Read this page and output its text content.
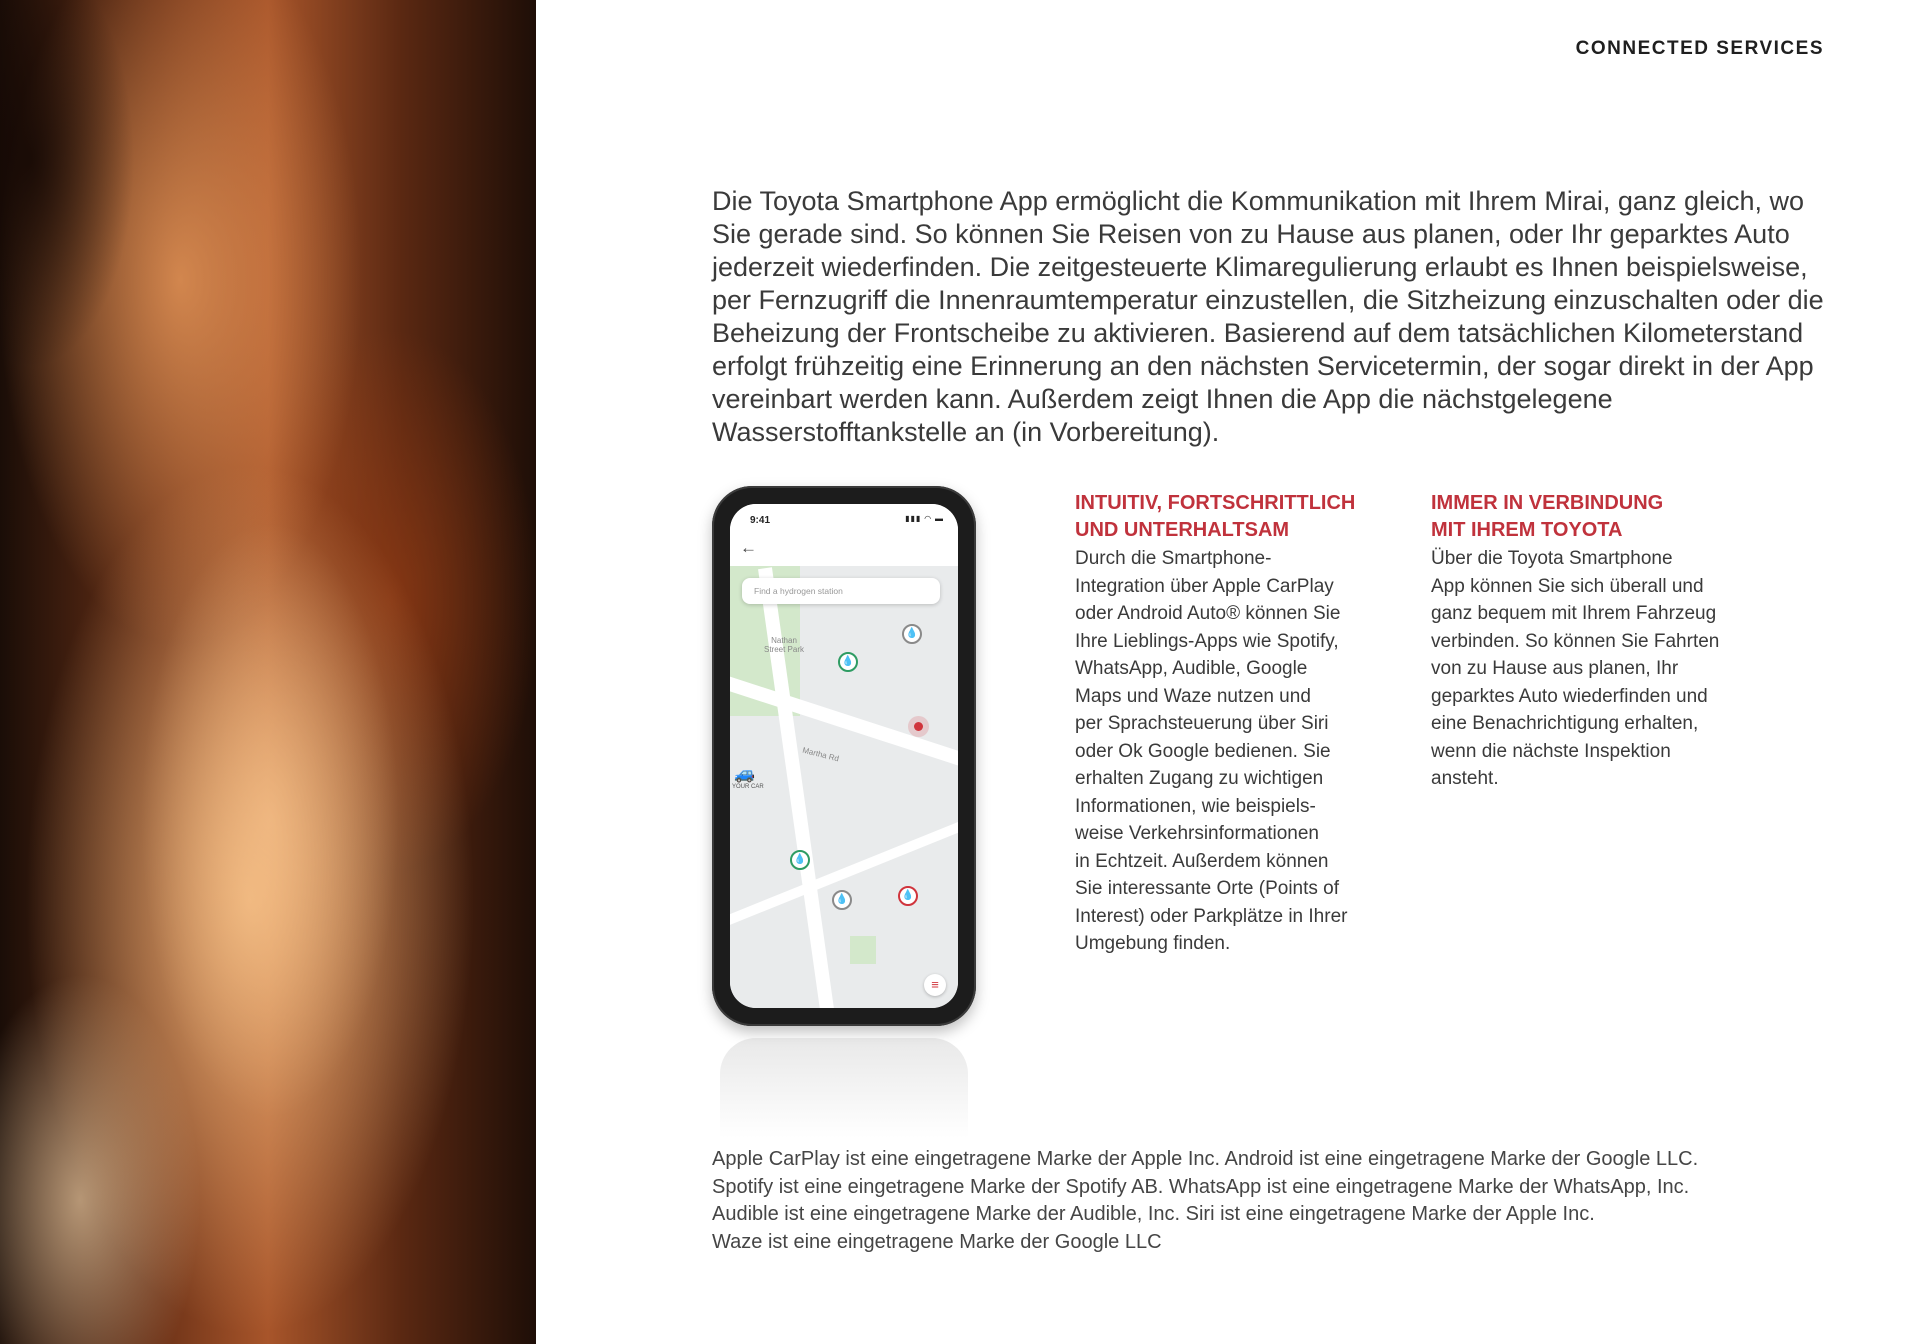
CONNECTED SERVICES

Die Toyota Smartphone App ermöglicht die Kommunikation mit Ihrem Mirai, ganz gleich, wo Sie gerade sind. So können Sie Reisen von zu Hause aus planen, oder Ihr geparktes Auto jederzeit wiederfinden. Die zeitgesteuerte Klimaregulierung erlaubt es Ihnen beispielsweise, per Fernzugriff die Innenraumtemperatur einzustellen, die Sitzheizung einzuschalten oder die Beheizung der Frontscheibe zu aktivieren. Basierend auf dem tatsächlichen Kilometerstand erfolgt frühzeitig eine Erinnerung an den nächsten Servicetermin, der sogar direkt in der App vereinbart werden kann. Außerdem zeigt Ihnen die App die nächstgelegene Wasserstofftankstelle an (in Vorbereitung).

9:41	▮▮▮ ◠ ▬
←
Find a hydrogen station
Nathan Street Park
Martha Rd
💧
💧
💧
💧	💧
🚙
YOUR CAR
≡
INTUITIV, FORTSCHRITTLICH
UND UNTERHALTSAM

Durch die Smartphone-
Integration über Apple CarPlay
oder Android Auto® können Sie
Ihre Lieblings-Apps wie Spotify,
WhatsApp, Audible, Google
Maps und Waze nutzen und
per Sprachsteuerung über Siri
oder Ok Google bedienen. Sie
erhalten Zugang zu wichtigen
Informationen, wie beispiels-
weise Verkehrsinformationen
in Echtzeit. Außerdem können
Sie interessante Orte (Points of
Interest) oder Parkplätze in Ihrer
Umgebung finden.

IMMER IN VERBINDUNG
MIT IHREM TOYOTA

Über die Toyota Smartphone
App können Sie sich überall und
ganz bequem mit Ihrem Fahrzeug
verbinden. So können Sie Fahrten
von zu Hause aus planen, Ihr
geparktes Auto wiederfinden und
eine Benachrichtigung erhalten,
wenn die nächste Inspektion
ansteht.

Apple CarPlay ist eine eingetragene Marke der Apple Inc. Android ist eine eingetragene Marke der Google LLC.
Spotify ist eine eingetragene Marke der Spotify AB. WhatsApp ist eine eingetragene Marke der WhatsApp, Inc.
Audible ist eine eingetragene Marke der Audible, Inc. Siri ist eine eingetragene Marke der Apple Inc.
Waze ist eine eingetragene Marke der Google LLC
